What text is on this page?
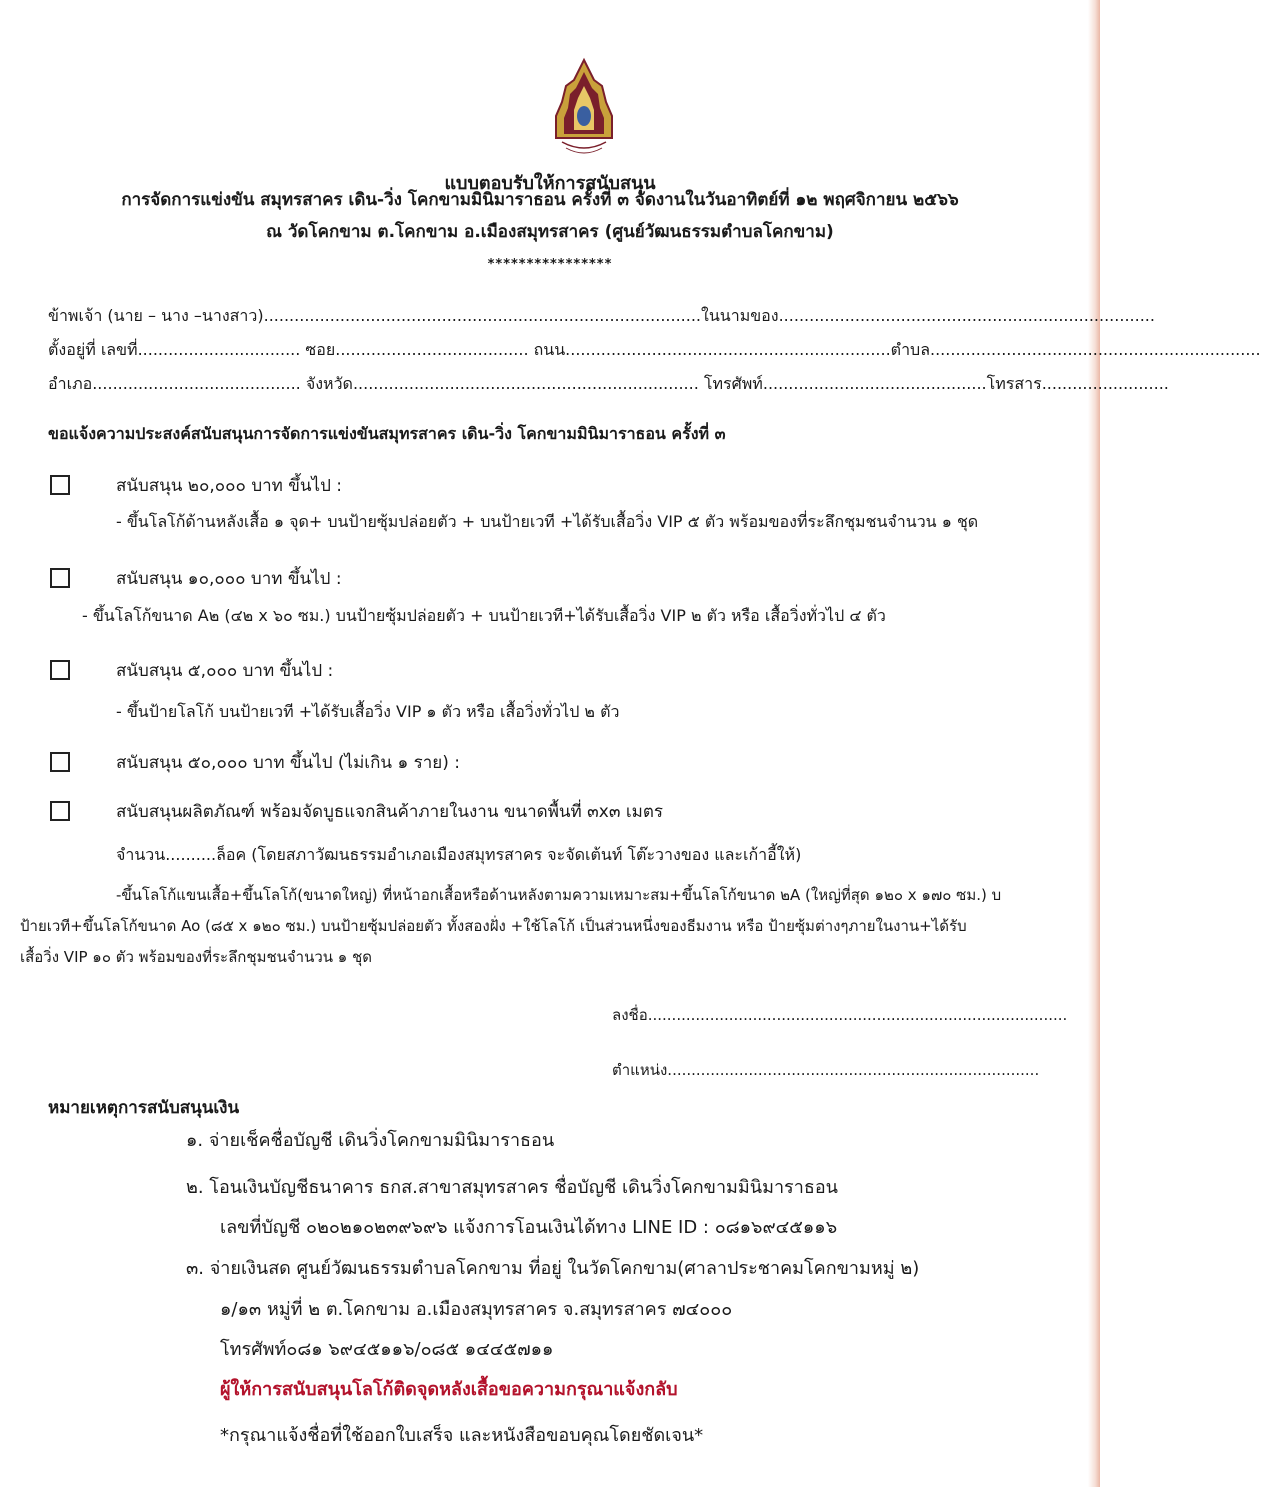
แบบตอบรับให้การสนับสนุน
การจัดการแข่งขัน สมุทรสาคร เดิน-วิ่ง โคกขามมินิมาราธอน ครั้งที่ ๓ จัดงานในวันอาทิตย์ที่ ๑๒ พฤศจิกายน ๒๕๖๖
ณ วัดโคกขาม ต.โคกขาม อ.เมืองสมุทรสาคร (ศูนย์วัฒนธรรมตำบลโคกขาม)
****************
ข้าพเจ้า (นาย – นาง –นางสาว)......................................................................................ในนามของ..........................................................................
ตั้งอยู่ที่ เลขที่................................ ซอย...................................... ถนน................................................................ตำบล.................................................................
อำเภอ......................................... จังหวัด.................................................................... โทรศัพท์............................................โทรสาร.........................
ขอแจ้งความประสงค์สนับสนุนการจัดการแข่งขันสมุทรสาคร เดิน-วิ่ง โคกขามมินิมาราธอน ครั้งที่ ๓
สนับสนุน ๒๐,๐๐๐ บาท ขึ้นไป :
- ขึ้นโลโก้ด้านหลังเสื้อ ๑ จุด+ บนป้ายซุ้มปล่อยตัว + บนป้ายเวที +ได้รับเสื้อวิ่ง VIP ๕ ตัว พร้อมของที่ระลึกชุมชนจำนวน ๑ ชุด
สนับสนุน ๑๐,๐๐๐ บาท ขึ้นไป :
- ขึ้นโลโก้ขนาด A๒ (๔๒ x ๖๐ ซม.) บนป้ายซุ้มปล่อยตัว + บนป้ายเวที+ได้รับเสื้อวิ่ง VIP ๒ ตัว หรือ เสื้อวิ่งทั่วไป ๔ ตัว
สนับสนุน ๕,๐๐๐ บาท ขึ้นไป :
- ขึ้นป้ายโลโก้ บนป้ายเวที +ได้รับเสื้อวิ่ง VIP ๑ ตัว หรือ เสื้อวิ่งทั่วไป ๒ ตัว
สนับสนุน ๕๐,๐๐๐ บาท ขึ้นไป (ไม่เกิน ๑ ราย) :
สนับสนุนผลิตภัณฑ์ พร้อมจัดบูธแจกสินค้าภายในงาน ขนาดพื้นที่ ๓x๓ เมตร
จำนวน..........ล็อค (โดยสภาวัฒนธรรมอำเภอเมืองสมุทรสาคร จะจัดเต้นท์ โต๊ะวางของ และเก้าอี้ให้)
-ขึ้นโลโก้แขนเสื้อ+ขึ้นโลโก้(ขนาดใหญ่) ที่หน้าอกเสื้อหรือด้านหลังตามความเหมาะสม+ขึ้นโลโก้ขนาด ๒A (ใหญ่ที่สุด ๑๒๐ x ๑๗๐ ซม.) บ
ป้ายเวที+ขึ้นโลโก้ขนาด Ao (๘๕ x ๑๒๐ ซม.) บนป้ายซุ้มปล่อยตัว ทั้งสองฝั่ง +ใช้โลโก้ เป็นส่วนหนึ่งของธีมงาน หรือ ป้ายซุ้มต่างๆภายในงาน+ได้รับ
เสื้อวิ่ง VIP ๑๐ ตัว พร้อมของที่ระลึกชุมชนจำนวน ๑ ชุด
ลงชื่อ........................................................................................
ตำแหน่ง..............................................................................
หมายเหตุการสนับสนุนเงิน
๑. จ่ายเช็คชื่อบัญชี เดินวิ่งโคกขามมินิมาราธอน
๒. โอนเงินบัญชีธนาคาร ธกส.สาขาสมุทรสาคร ชื่อบัญชี เดินวิ่งโคกขามมินิมาราธอน
เลขที่บัญชี ๐๒๐๒๑๐๒๓๙๖๙๖ แจ้งการโอนเงินได้ทาง LINE ID : ๐๘๑๖๙๔๕๑๑๖
๓. จ่ายเงินสด ศูนย์วัฒนธรรมตำบลโคกขาม ที่อยู่ ในวัดโคกขาม(ศาลาประชาคมโคกขามหมู่ ๒)
๑/๑๓ หมู่ที่ ๒ ต.โคกขาม อ.เมืองสมุทรสาคร จ.สมุทรสาคร ๗๔๐๐๐
โทรศัพท์๐๘๑ ๖๙๔๕๑๑๖/๐๘๕ ๑๔๔๕๗๑๑
ผู้ให้การสนับสนุนโลโก้ติดจุดหลังเสื้อขอความกรุณาแจ้งกลับ
*กรุณาแจ้งชื่อที่ใช้ออกใบเสร็จ และหนังสือขอบคุณโดยชัดเจน*
